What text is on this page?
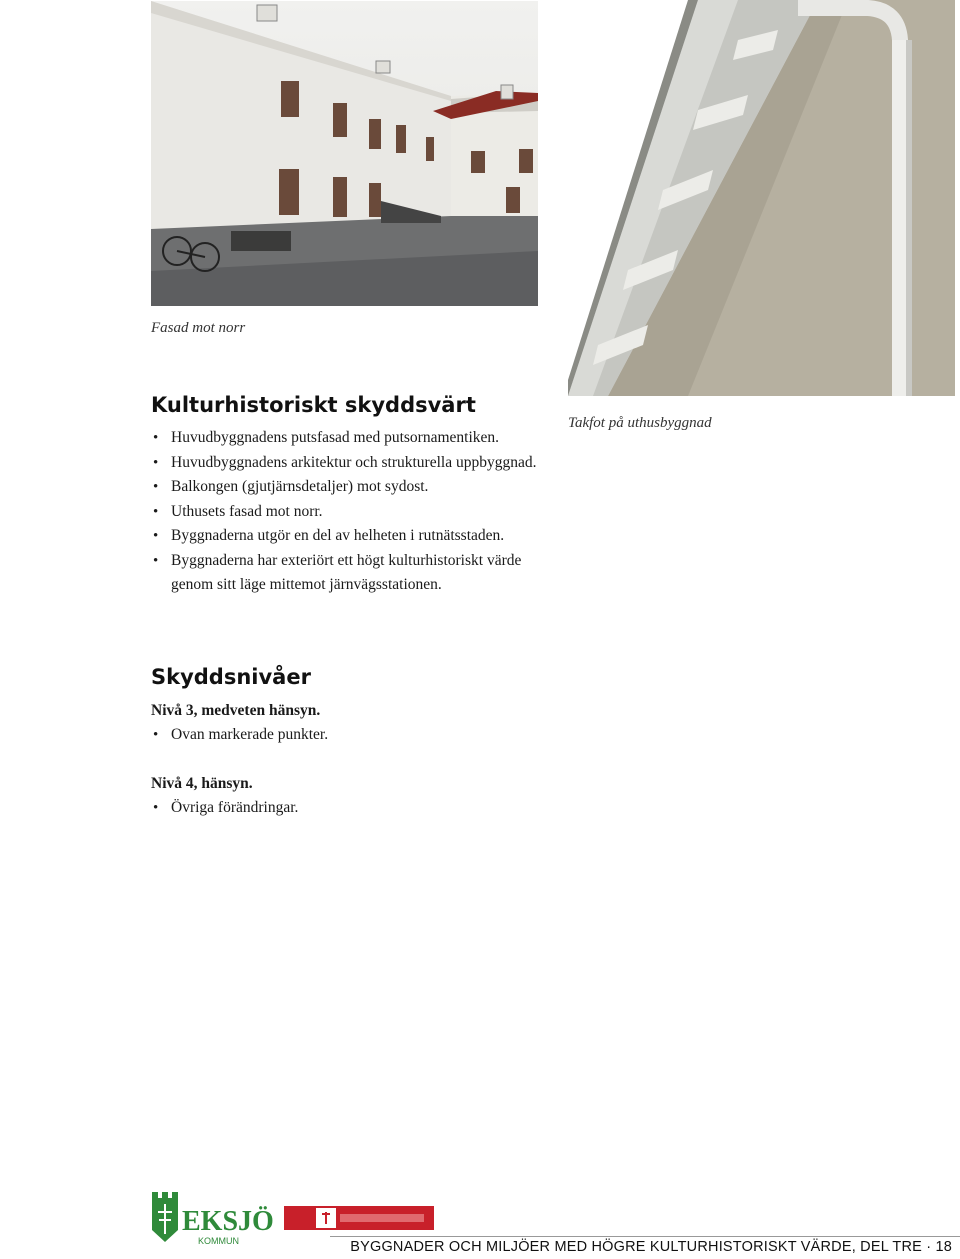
Fasad mot norr

Takfot på uthusbyggnad

Kulturhistoriskt skyddsvärt
• Huvudbyggnadens putsfasad med putsornamentiken.
• Huvudbyggnadens arkitektur och strukturella uppbyggnad.
• Balkongen (gjutjärnsdetaljer) mot sydost.
• Uthusets fasad mot norr.
• Byggnaderna utgör en del av helheten i rutnätsstaden.
• Byggnaderna har exteriört ett högt kulturhistoriskt värde genom sitt läge mittemot järnvägsstationen.
Skyddsnivåer

Nivå 3, medveten hänsyn.

• Ovan markerade punkter.

Nivå 4, hänsyn.

• Övriga förändringar.
EKSJÖ
KOMMUN	BYGGNADER OCH MILJÖER MED HÖGRE KULTURHISTORISKT VÄRDE, DEL TRE · 18
